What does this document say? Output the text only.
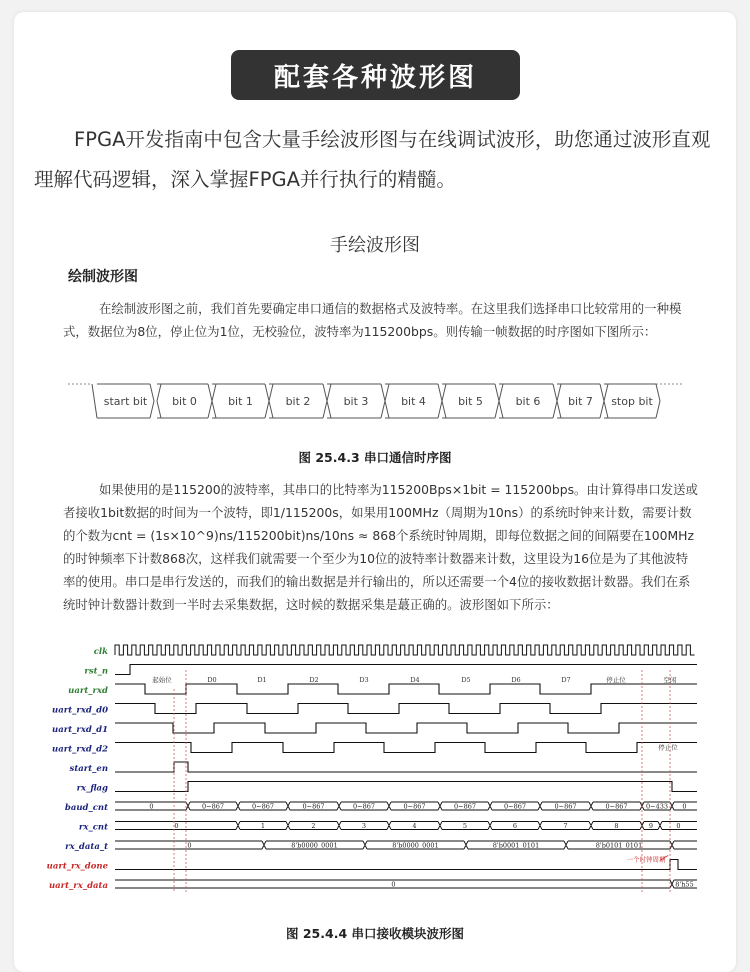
配套各种波形图
FPGA开发指南中包含大量手绘波形图与在线调试波形，助您通过波形直观理解代码逻辑，深入掌握FPGA并行执行的精髓。
手绘波形图
绘制波形图
在绘制波形图之前，我们首先要确定串口通信的数据格式及波特率。在这里我们选择串口比较常用的一种模式，数据位为8位，停止位为1位，无校验位，波特率为115200bps。则传输一帧数据的时序图如下图所示：
start bit bit 0	bit 1	bit 2	bit 3	bit 4	bit 5	bit 6	bit 7 stop bit
图 25.4.3 串口通信时序图
如果使用的是115200的波特率，其串口的比特率为115200Bps×1bit = 115200bps。由计算得串口发送或者接收1bit数据的时间为一个波特，即1/115200s，如果用100MHz（周期为10ns）的系统时钟来计数，需要计数的个数为cnt = (1s×10^9)ns/115200bit)ns/10ns ≈ 868个系统时钟周期，即每位数据之间的间隔要在100MHz的时钟频率下计数868次，这样我们就需要一个至少为10位的波特率计数器来计数，这里设为16位是为了其他波特率的使用。串口是串行发送的，而我们的输出数据是并行输出的，所以还需要一个4位的接收数据计数器。我们在系统时钟计数器计数到一半时去采集数据，这时候的数据采集是蕞正确的。波形图如下所示：
clk
rst_n
uart_rxd
uart_rxd_d0
uart_rxd_d1
uart_rxd_d2
start_en
rx_flag
baud_cnt
rx_cnt
rx_data_t
uart_rx_done
uart_rx_data
起始位	D0	D1	D2	D3	D4	D5	D6	D7	停止位	空闲
停止位
0	0~867	0~867	0~867	0~867	0~867	0~867	0~867	0~867	0~867	0~433 0
0	1	2	3	4	5	6	7	8	9	0
0	8'b0000_0001	8'b0000_0001	8'b0001_0101	8'b0101_0101
一个时钟周期
0	8'h55
图 25.4.4 串口接收模块波形图
